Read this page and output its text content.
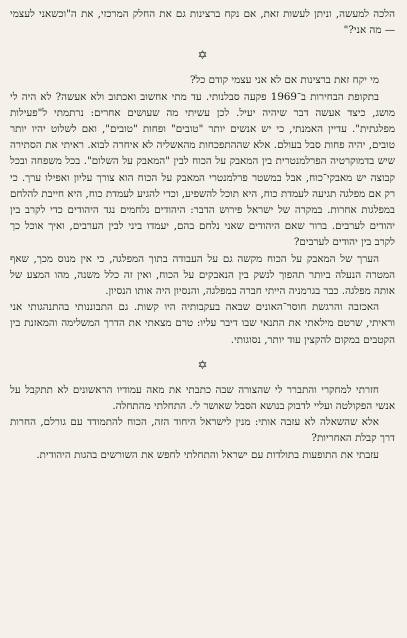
הלכה למעשה, וניתן לעשות זאת, אם נקח ברצינות גם את החלק המרכזי, את ה"וכשאני לעצמי — מה אני?"

✡

מי יקח זאת ברצינות אם לא אני עצמי קודם כל?

בתקופת הבחירות ב־1969 פקעה סבלנותי. עד מתי אחשוב ואכתוב ולא אעשה? לא היה לי מושג, כיצד אעשה דבר שיהיה יעיל. לכן עשיתי מה שעושים אחרים: נרתמתי ל"פעילות מפלגתית". עדיין האמנתי, כי יש אנשים יותר "טובים" ופחות "טובים", ואם לשלוט יהיו יותר טובים, יהיה פחות סבל בעולם. אלא שההתפכחות מהאשליה לא איחרה לבוא. ראיתי את הסתירה שיש בדמוקרטיה הפרלמנטרית בין המאבק על הכוח לבין "המאבק על השלום". בכל משפחה ובכל קבוצה יש מאבקי־כוח, אבל במשטר פרלמנטרי המאבק על הכוח הוא צורך עליון ואפילו ערך. כי רק אם מפלגה תגיעה לעמדת כוח, היא תוכל להשפיע, וכדי להגיע לעמדת כוח, היא חייבת להלחם במפלגות אחרות. במקרה של ישראל פירוש הדבר: היהודים נלחמים נגד היהודים כדי לקרב בין יהודים לערבים. ברור שאם היהודים שאני נלחם בהם, יעמדו ביני לבין הערבים, ואיך אוכל כך לקרב בין יהודים לערבים?

הערך של המאבק על הכוח מקשה גם על העבודה בתוך המפלגה, כי אין מנוס מכך, שאף המטרה הנעלה ביותר תהפוך לנשק בין הנאבקים על הכוח, ואין זה כלל משנה, מהו המצע של אותה מפלגה. כבר בגרמניה הייתי חברה במפלגה, והנסיון היה אותו הנסיון.

האכזבה והרגשת חוסר־האונים שבאה בעקבותיה היו קשות. גם התבוננותי בהתנהגותי אני וראיתי, שרטם מילאתי את התנאי שבו דיבר עליו: טרם מצאתי את הדרך המשלימה והמאזנת בין הקטבים במקום להקצין עוד יותר, נסוגותי.

✡

חזרתי למחקרי והתברר לי שהצורה שבה כתבתי את מאה עמודיו הראשונים לא תתקבל על אנשי הפקולטה ועליי לדבוק בנושא הסבל שאושר לי. התחלתי מהתחלה.

אלא שהשאלה לא עזבה אותי: מנין לישראל היחוד הזה, הכוח להתמודד עם גורלם, החרות דרך קבלת האחריות?

עזבתי את התופעות בתולדות עם ישראל והתחלתי לחפש את השורשים בהגות היהודית.
